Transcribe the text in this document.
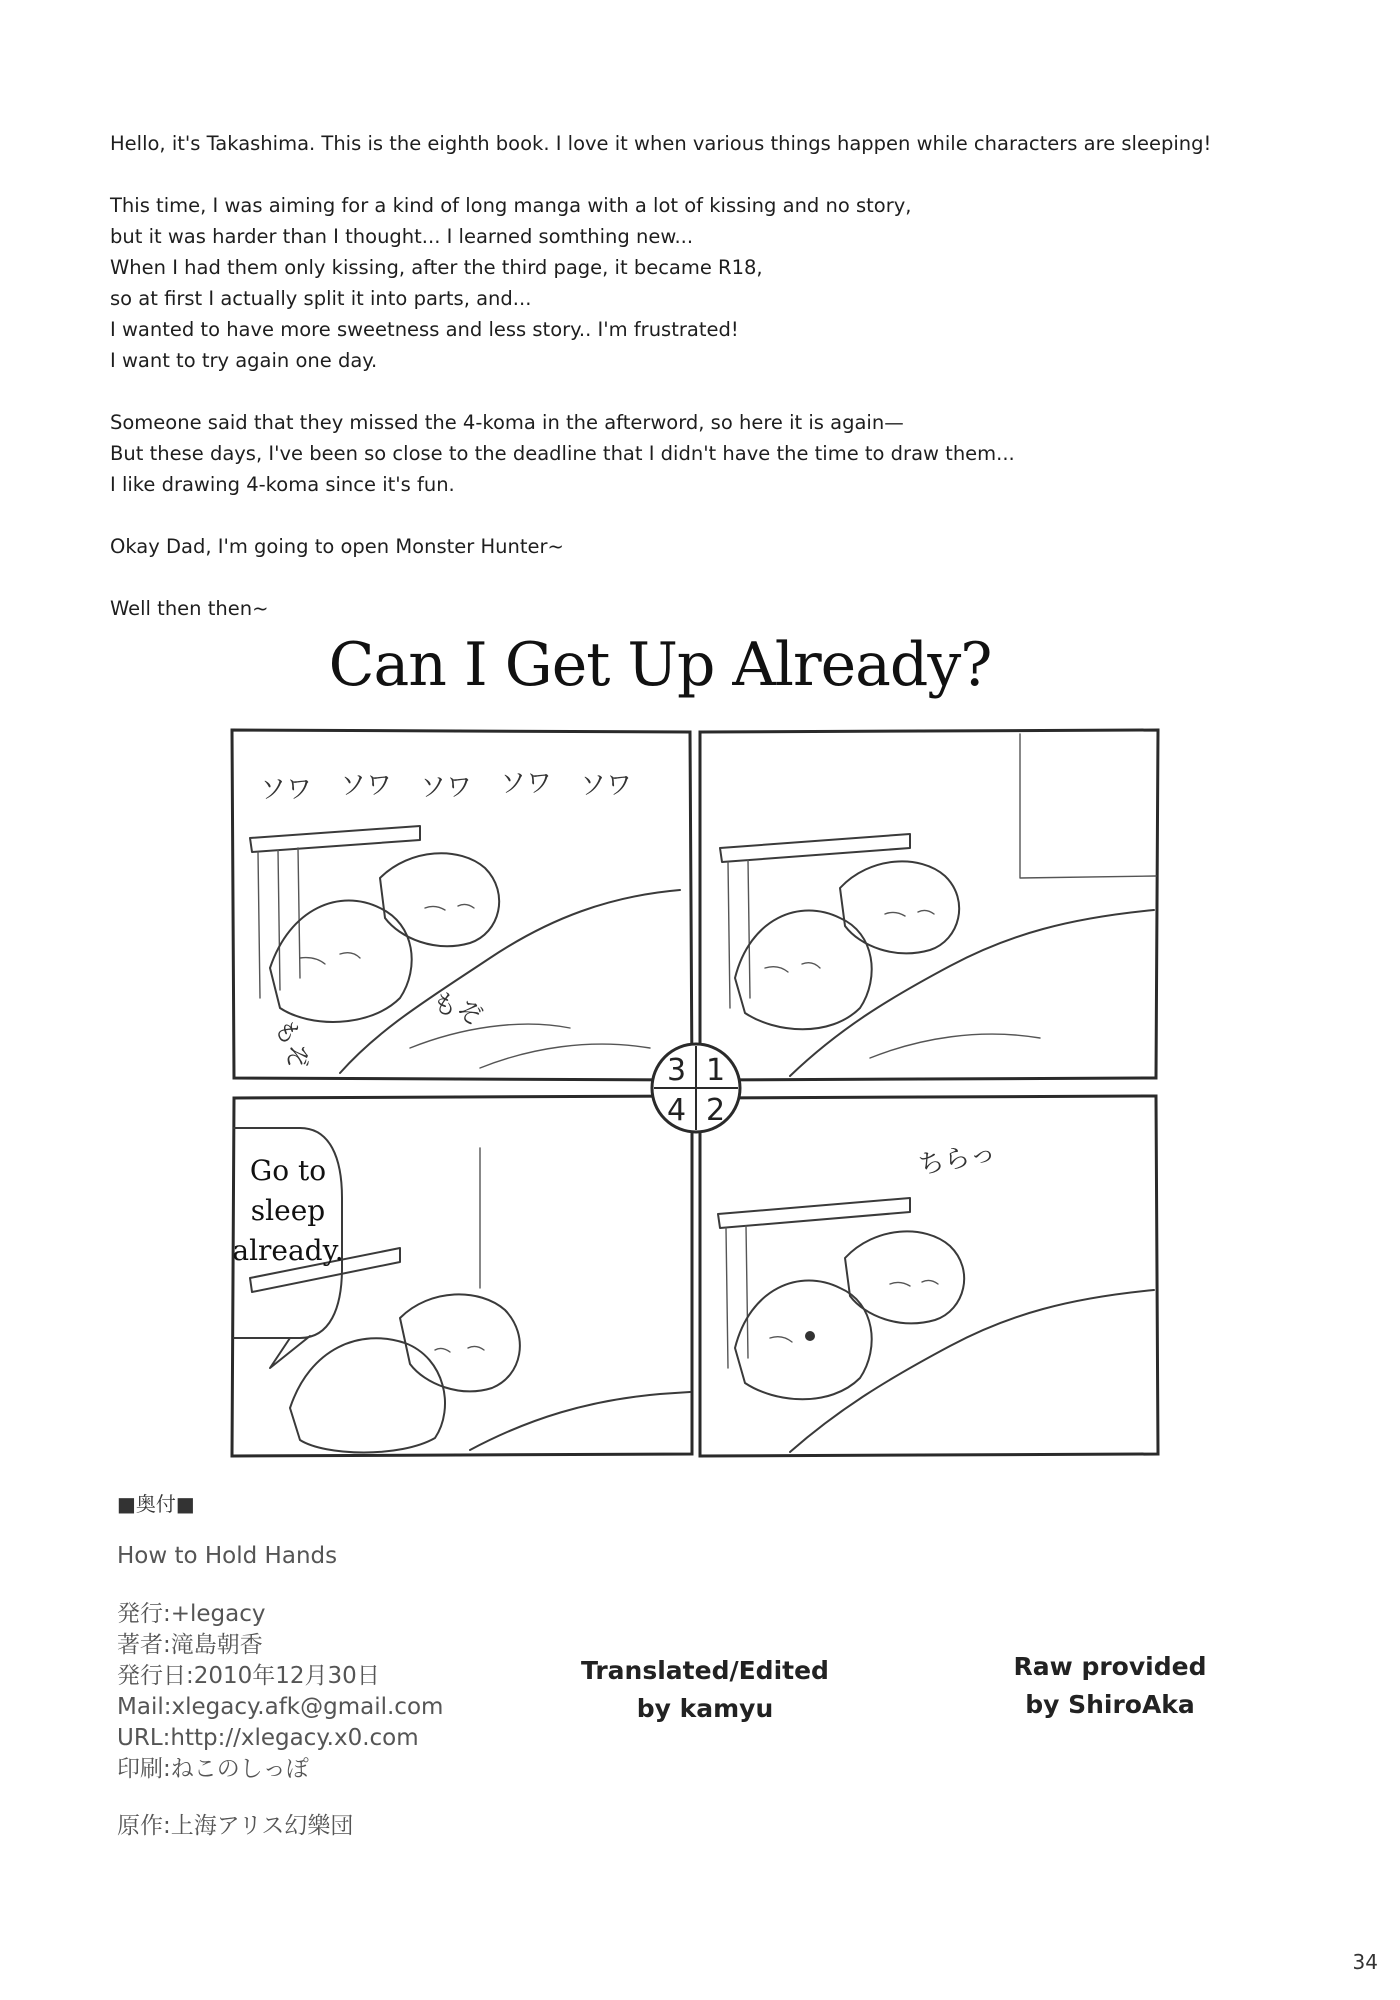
Hello, it's Takashima. This is the eighth book. I love it when various things happen while characters are sleeping!

This time, I was aiming for a kind of long manga with a lot of kissing and no story,
but it was harder than I thought... I learned somthing new...
When I had them only kissing, after the third page, it became R18,
so at first I actually split it into parts, and...
I wanted to have more sweetness and less story.. I'm frustrated!
I want to try again one day.

Someone said that they missed the 4-koma in the afterword, so here it is again—
But these days, I've been so close to the deadline that I didn't have the time to draw them...
I like drawing 4-koma since it's fun.

Okay Dad, I'm going to open Monster Hunter~

Well then then~

Can I Get Up Already?
ソワ ソワ ソワ ソワ ソワ
もぞ
もぞ	3 1
4 2
Go to
sleep
already.
ちらっ
■奥付■
How to Hold Hands
発行:+legacy
著者:滝島朝香
発行日:2010年12月30日
Mail:xlegacy.afk@gmail.com
URL:http://xlegacy.x0.com
印刷:ねこのしっぽ
原作:上海アリス幻樂団
Translated/Edited
by kamyu
Raw provided
by ShiroAka
34
